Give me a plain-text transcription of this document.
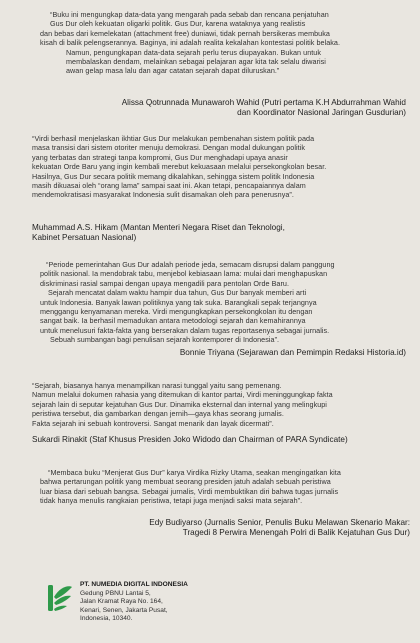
“Buku ini mengungkap data-data yang mengarah pada sebab dan rencana penjatuhan

Gus Dur oleh kekuatan oligarki politik. Gus Dur, karena wataknya yang realistis

dan bebas dari kemelekatan (attachment free) duniawi, tidak pernah bersikeras membuka

kisah di balik pelengserannya. Baginya, ini adalah realita kekalahan kontestasi politik belaka.

Namun, pengungkapan data-data sejarah perlu terus diupayakan. Bukan untuk

membalaskan dendam, melainkan sebagai pelajaran agar kita tak selalu diwarisi

awan gelap masa lalu dan agar catatan sejarah dapat diluruskan.”

Alissa Qotrunnada Munawaroh Wahid (Putri pertama K.H Abdurrahman Wahid
dan Koordinator Nasional Jaringan Gusdurian)

“Virdi berhasil menjelaskan ikhtiar Gus Dur melakukan pembenahan sistem politik pada

masa transisi dari sistem otoriter menuju demokrasi. Dengan modal dukungan politik

yang terbatas dan strategi tanpa kompromi, Gus Dur menghadapi upaya anasir

kekuatan Orde Baru yang ingin kembali merebut kekuasaan melalui persekongkolan besar.

Hasilnya, Gus Dur secara politik memang dikalahkan, sehingga sistem politik Indonesia

masih dikuasai oleh “orang lama” sampai saat ini. Akan tetapi, pencapaiannya dalam

mendemokratisasi masyarakat Indonesia sulit disamakan oleh para penerusnya”.

Muhammad A.S. Hikam (Mantan Menteri Negara Riset dan Teknologi,
Kabinet Persatuan Nasional)

“Periode pemerintahan Gus Dur adalah periode jeda, semacam disrupsi dalam panggung

politik nasional. Ia mendobrak tabu, menjebol kebiasaan lama: mulai dari menghapuskan

diskriminasi rasial sampai dengan upaya mengadili para pentolan Orde Baru.

Sejarah mencatat dalam waktu hampir dua tahun, Gus Dur banyak memberi arti

untuk Indonesia. Banyak lawan politiknya yang tak suka. Barangkali sepak terjangnya

menggangu kenyamanan mereka. Virdi mengungkapkan persekongkolan itu dengan

sangat baik. Ia berhasil memadukan antara metodologi sejarah dan kemahirannya

untuk menelusuri fakta-fakta yang berserakan dalam tugas reportasenya sebagai jurnalis.

Sebuah sumbangan bagi penulisan sejarah kontemporer di Indonesia”.

Bonnie Triyana (Sejarawan dan Pemimpin Redaksi Historia.id)

“Sejarah, biasanya hanya menampilkan narasi tunggal yaitu sang pemenang.

Namun melalui dokumen rahasia yang ditemukan di kantor partai, Virdi meninggungkap fakta

sejarah lain di seputar kejatuhan Gus Dur. Dinamika eksternal dan internal yang melingkupi

peristiwa tersebut, dia gambarkan dengan jernih—gaya khas seorang jurnalis.

Fakta sejarah ini sebuah kontroversi. Sangat menarik dan layak dicermati”.

Sukardi Rinakit (Staf Khusus Presiden Joko Widodo dan Chairman of PARA Syndicate)

“Membaca buku “Menjerat Gus Dur” karya Virdika Rizky Utama, seakan mengingatkan kita

bahwa pertarungan politik yang membuat seorang presiden jatuh adalah sebuah peristiwa

luar biasa dari sebuah bangsa. Sebagai jurnalis, Virdi membuktikan diri bahwa tugas jurnalis

tidak hanya menulis rangkaian peristiwa, tetapi juga menjadi saksi mata sejarah”.

Edy Budiyarso (Jurnalis Senior, Penulis Buku Melawan Skenario Makar:
Tragedi 8 Perwira Menengah Polri di Balik Kejatuhan Gus Dur)
PT. NUMEDIA DIGITAL INDONESIA
Gedung PBNU Lantai 5,
Jalan Kramat Raya No. 164,
Kenari, Senen, Jakarta Pusat,
Indonesia, 10340.
